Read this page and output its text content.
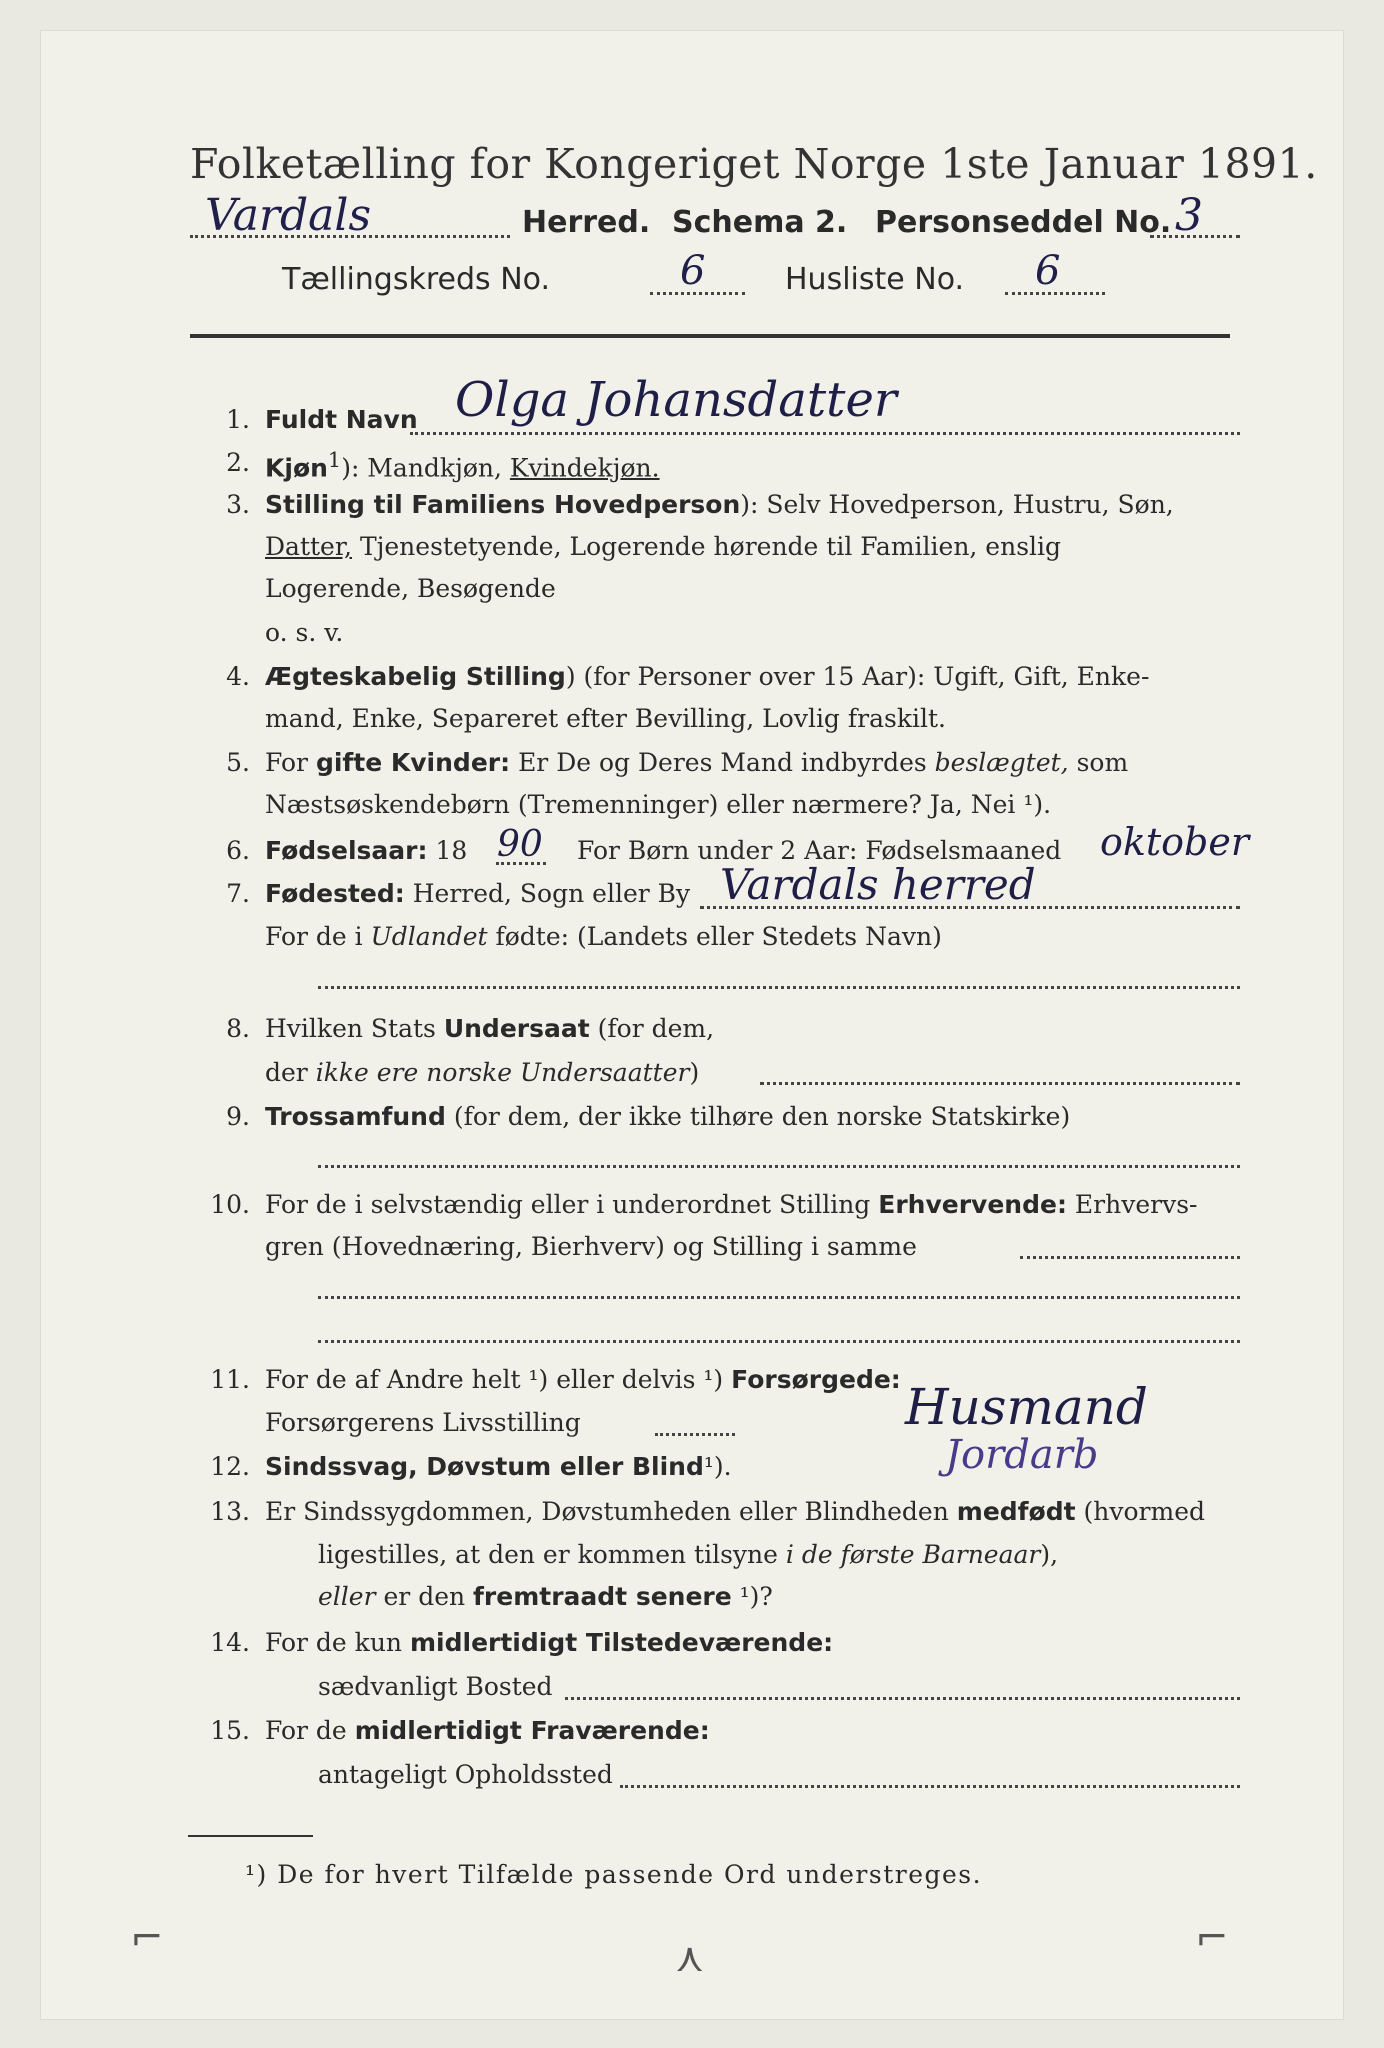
Folketælling for Kongeriget Norge 1ste Januar 1891.
Vardals	Herred. Schema 2. Personseddel No. 3
Tællingskreds No.	6	Husliste No. 6
1. Fuldt Navn Olga Johansdatter
2. Kjøn$^1$): Mandkjøn, Kvindekjøn.
3. Stilling til Familiens Hovedperson): Selv Hovedperson, Hustru, Søn,
Datter, Tjenestetyende, Logerende hørende til Familien, enslig
Logerende, Besøgende
o. s. v.
4. Ægteskabelig Stilling) (for Personer over 15 Aar): Ugift, Gift, Enke-
mand, Enke, Separeret efter Bevilling, Lovlig fraskilt.
5. For gifte Kvinder: Er De og Deres Mand indbyrdes beslægtet, som
Næstsøskendebørn (Tremenninger) eller nærmere? Ja, Nei ¹).
6. Fødselsaar: 18 90 For Børn under 2 Aar: Fødselsmaaned oktober
7. Fødested: Herred, Sogn eller By Vardals herred
For de i Udlandet fødte: (Landets eller Stedets Navn)
8. Hvilken Stats Undersaat (for dem,
der ikke ere norske Undersaatter)
9. Trossamfund (for dem, der ikke tilhøre den norske Statskirke)
10. For de i selvstændig eller i underordnet Stilling Erhvervende: Erhvervs-
gren (Hovednæring, Bierhverv) og Stilling i samme
11. For de af Andre helt ¹) eller delvis ¹) Forsørgede:
Forsørgerens Livsstilling	Husmand
12. Sindssvag, Døvstum eller Blind¹).	Jordarb
13. Er Sindssygdommen, Døvstumheden eller Blindheden medfødt (hvormed
ligestilles, at den er kommen tilsyne i de første Barneaar),
eller er den fremtraadt senere ¹)?
14. For de kun midlertidigt Tilstedeværende:
sædvanligt Bosted
15. For de midlertidigt Fraværende:
antageligt Opholdssted
¹) De for hvert Tilfælde passende Ord understreges.
⌐	⋏	⌐
